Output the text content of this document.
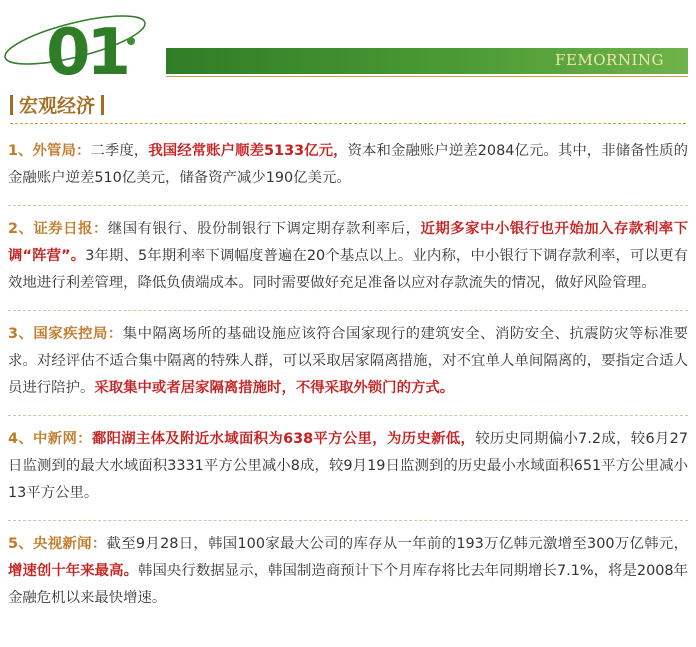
01	FEMORNING
宏观经济

1、外管局：二季度，我国经常账户顺差5133亿元，资本和金融账户逆差2084亿元。其中，非储备性质的金融账户逆差510亿美元，储备资产减少190亿美元。

2、证券日报：继国有银行、股份制银行下调定期存款利率后，近期多家中小银行也开始加入存款利率下调“阵营”。3年期、5年期利率下调幅度普遍在20个基点以上。业内称，中小银行下调存款利率，可以更有效地进行利差管理，降低负债端成本。同时需要做好充足准备以应对存款流失的情况，做好风险管理。

3、国家疾控局：集中隔离场所的基础设施应该符合国家现行的建筑安全、消防安全、抗震防灾等标准要求。对经评估不适合集中隔离的特殊人群，可以采取居家隔离措施，对不宜单人单间隔离的，要指定合适人员进行陪护。采取集中或者居家隔离措施时，不得采取外锁门的方式。

4、中新网：鄱阳湖主体及附近水域面积为638平方公里，为历史新低，较历史同期偏小7.2成，较6月27日监测到的最大水域面积3331平方公里减小8成，较9月19日监测到的历史最小水域面积651平方公里减小13平方公里。

5、央视新闻：截至9月28日，韩国100家最大公司的库存从一年前的193万亿韩元激增至300万亿韩元，增速创十年来最高。韩国央行数据显示，韩国制造商预计下个月库存将比去年同期增长7.1%，将是2008年金融危机以来最快增速。
